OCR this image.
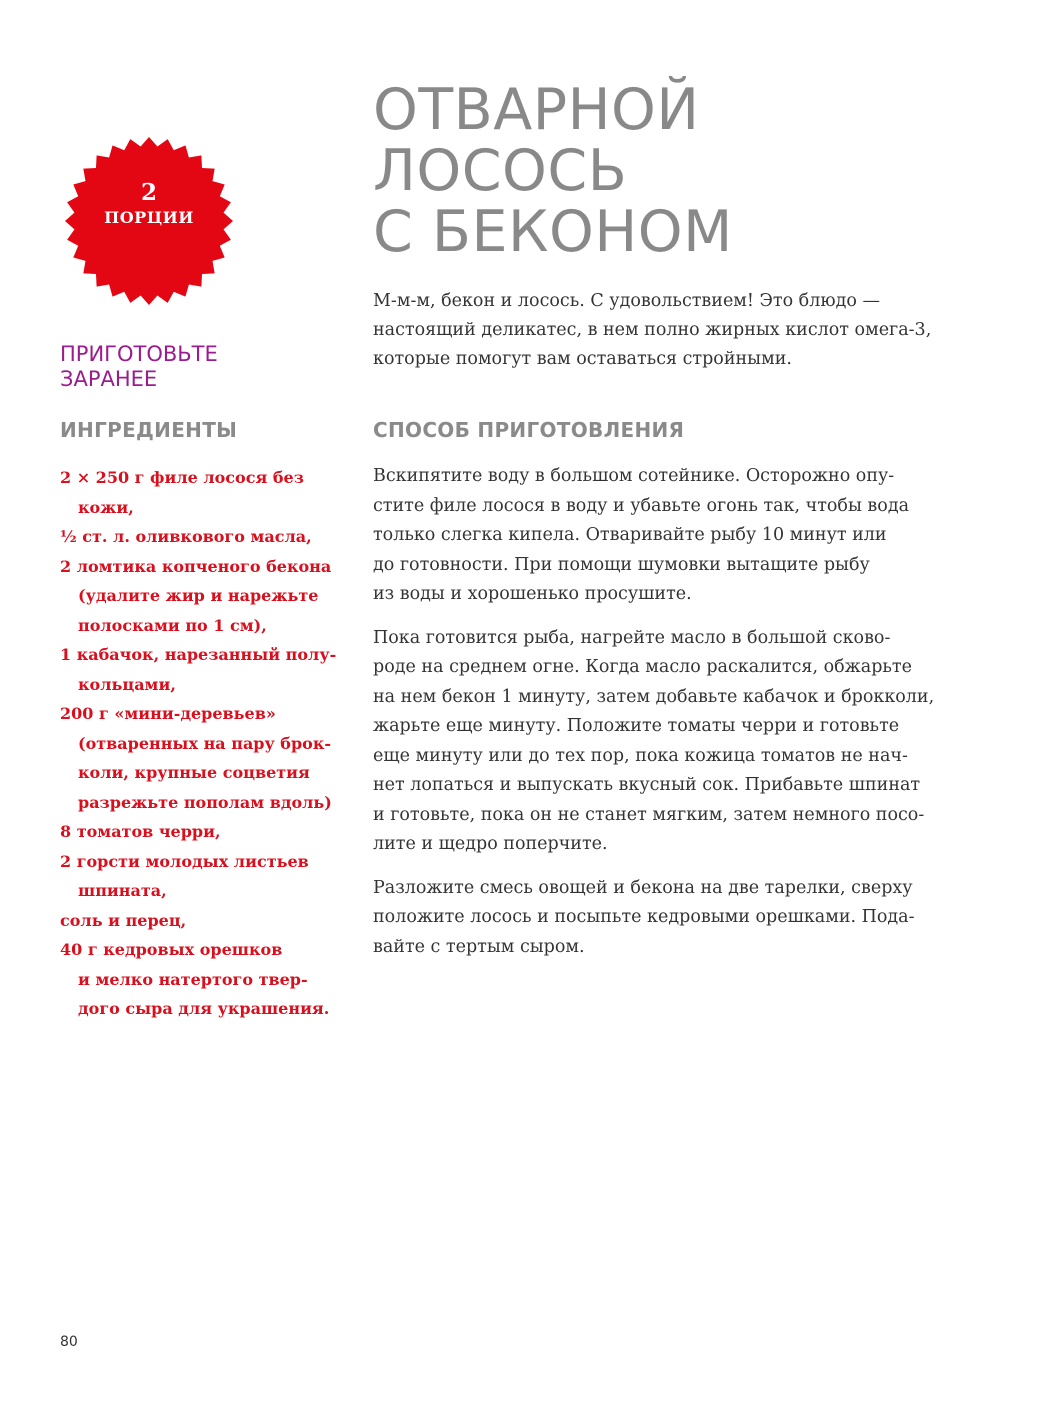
2
ПОРЦИИ
ОТВАРНОЙ
ЛОСОСЬ
С БЕКОНОМ
М-м-м, бекон и лосось. С удовольствием! Это блюдо —
настоящий деликатес, в нем полно жирных кислот омега-3,
которые помогут вам оставаться стройными.
ПРИГОТОВЬТЕ
ЗАРАНЕЕ
ИНГРЕДИЕНТЫ	СПОСОБ ПРИГОТОВЛЕНИЯ
2 × 250 г филе лосося без
кожи,
½ ст. л. оливкового масла,
2 ломтика копченого бекона
(удалите жир и нарежьте
полосками по 1 см),
1 кабачок, нарезанный полу-
кольцами,
200 г «мини-деревьев»
(отваренных на пару брок-
коли, крупные соцветия
разрежьте пополам вдоль)
8 томатов черри,
2 горсти молодых листьев
шпината,
соль и перец,
40 г кедровых орешков
и мелко натертого твер-
дого сыра для украшения.

Вскипятите воду в большом сотейнике. Осторожно опу-
стите филе лосося в воду и убавьте огонь так, чтобы вода
только слегка кипела. Отваривайте рыбу 10 минут или
до готовности. При помощи шумовки вытащите рыбу
из воды и хорошенько просушите.

Пока готовится рыба, нагрейте масло в большой сково-
роде на среднем огне. Когда масло раскалится, обжарьте
на нем бекон 1 минуту, затем добавьте кабачок и брокколи,
жарьте еще минуту. Положите томаты черри и готовьте
еще минуту или до тех пор, пока кожица томатов не нач-
нет лопаться и выпускать вкусный сок. Прибавьте шпинат
и готовьте, пока он не станет мягким, затем немного посо-
лите и щедро поперчите.

Разложите смесь овощей и бекона на две тарелки, сверху
положите лосось и посыпьте кедровыми орешками. Пода-
вайте с тертым сыром.

80
